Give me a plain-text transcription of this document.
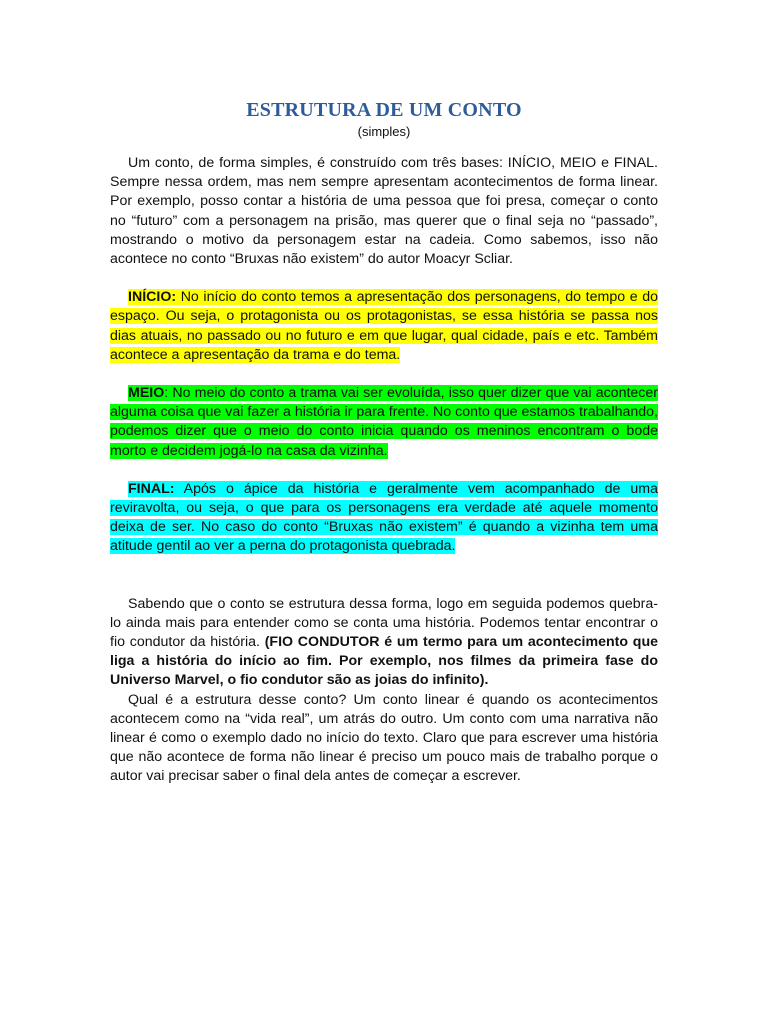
ESTRUTURA DE UM CONTO
(simples)

Um conto, de forma simples, é construído com três bases: INÍCIO, MEIO e FINAL. Sempre nessa ordem, mas nem sempre apresentam acontecimentos de forma linear. Por exemplo, posso contar a história de uma pessoa que foi presa, começar o conto no “futuro” com a personagem na prisão, mas querer que o final seja no “passado”, mostrando o motivo da personagem estar na cadeia. Como sabemos, isso não acontece no conto “Bruxas não existem” do autor Moacyr Scliar.

INÍCIO: No início do conto temos a apresentação dos personagens, do tempo e do espaço. Ou seja, o protagonista ou os protagonistas, se essa história se passa nos dias atuais, no passado ou no futuro e em que lugar, qual cidade, país e etc. Também acontece a apresentação da trama e do tema.

MEIO: No meio do conto a trama vai ser evoluída, isso quer dizer que vai acontecer alguma coisa que vai fazer a história ir para frente. No conto que estamos trabalhando, podemos dizer que o meio do conto inicia quando os meninos encontram o bode morto e decidem jogá-lo na casa da vizinha.

FINAL: Após o ápice da história e geralmente vem acompanhado de uma reviravolta, ou seja, o que para os personagens era verdade até aquele momento deixa de ser. No caso do conto “Bruxas não existem” é quando a vizinha tem uma atitude gentil ao ver a perna do protagonista quebrada.

Sabendo que o conto se estrutura dessa forma, logo em seguida podemos quebra-lo ainda mais para entender como se conta uma história. Podemos tentar encontrar o fio condutor da história. (FIO CONDUTOR é um termo para um acontecimento que liga a história do início ao fim. Por exemplo, nos filmes da primeira fase do Universo Marvel, o fio condutor são as joias do infinito).

Qual é a estrutura desse conto? Um conto linear é quando os acontecimentos acontecem como na “vida real”, um atrás do outro. Um conto com uma narrativa não linear é como o exemplo dado no início do texto. Claro que para escrever uma história que não acontece de forma não linear é preciso um pouco mais de trabalho porque o autor vai precisar saber o final dela antes de começar a escrever.
